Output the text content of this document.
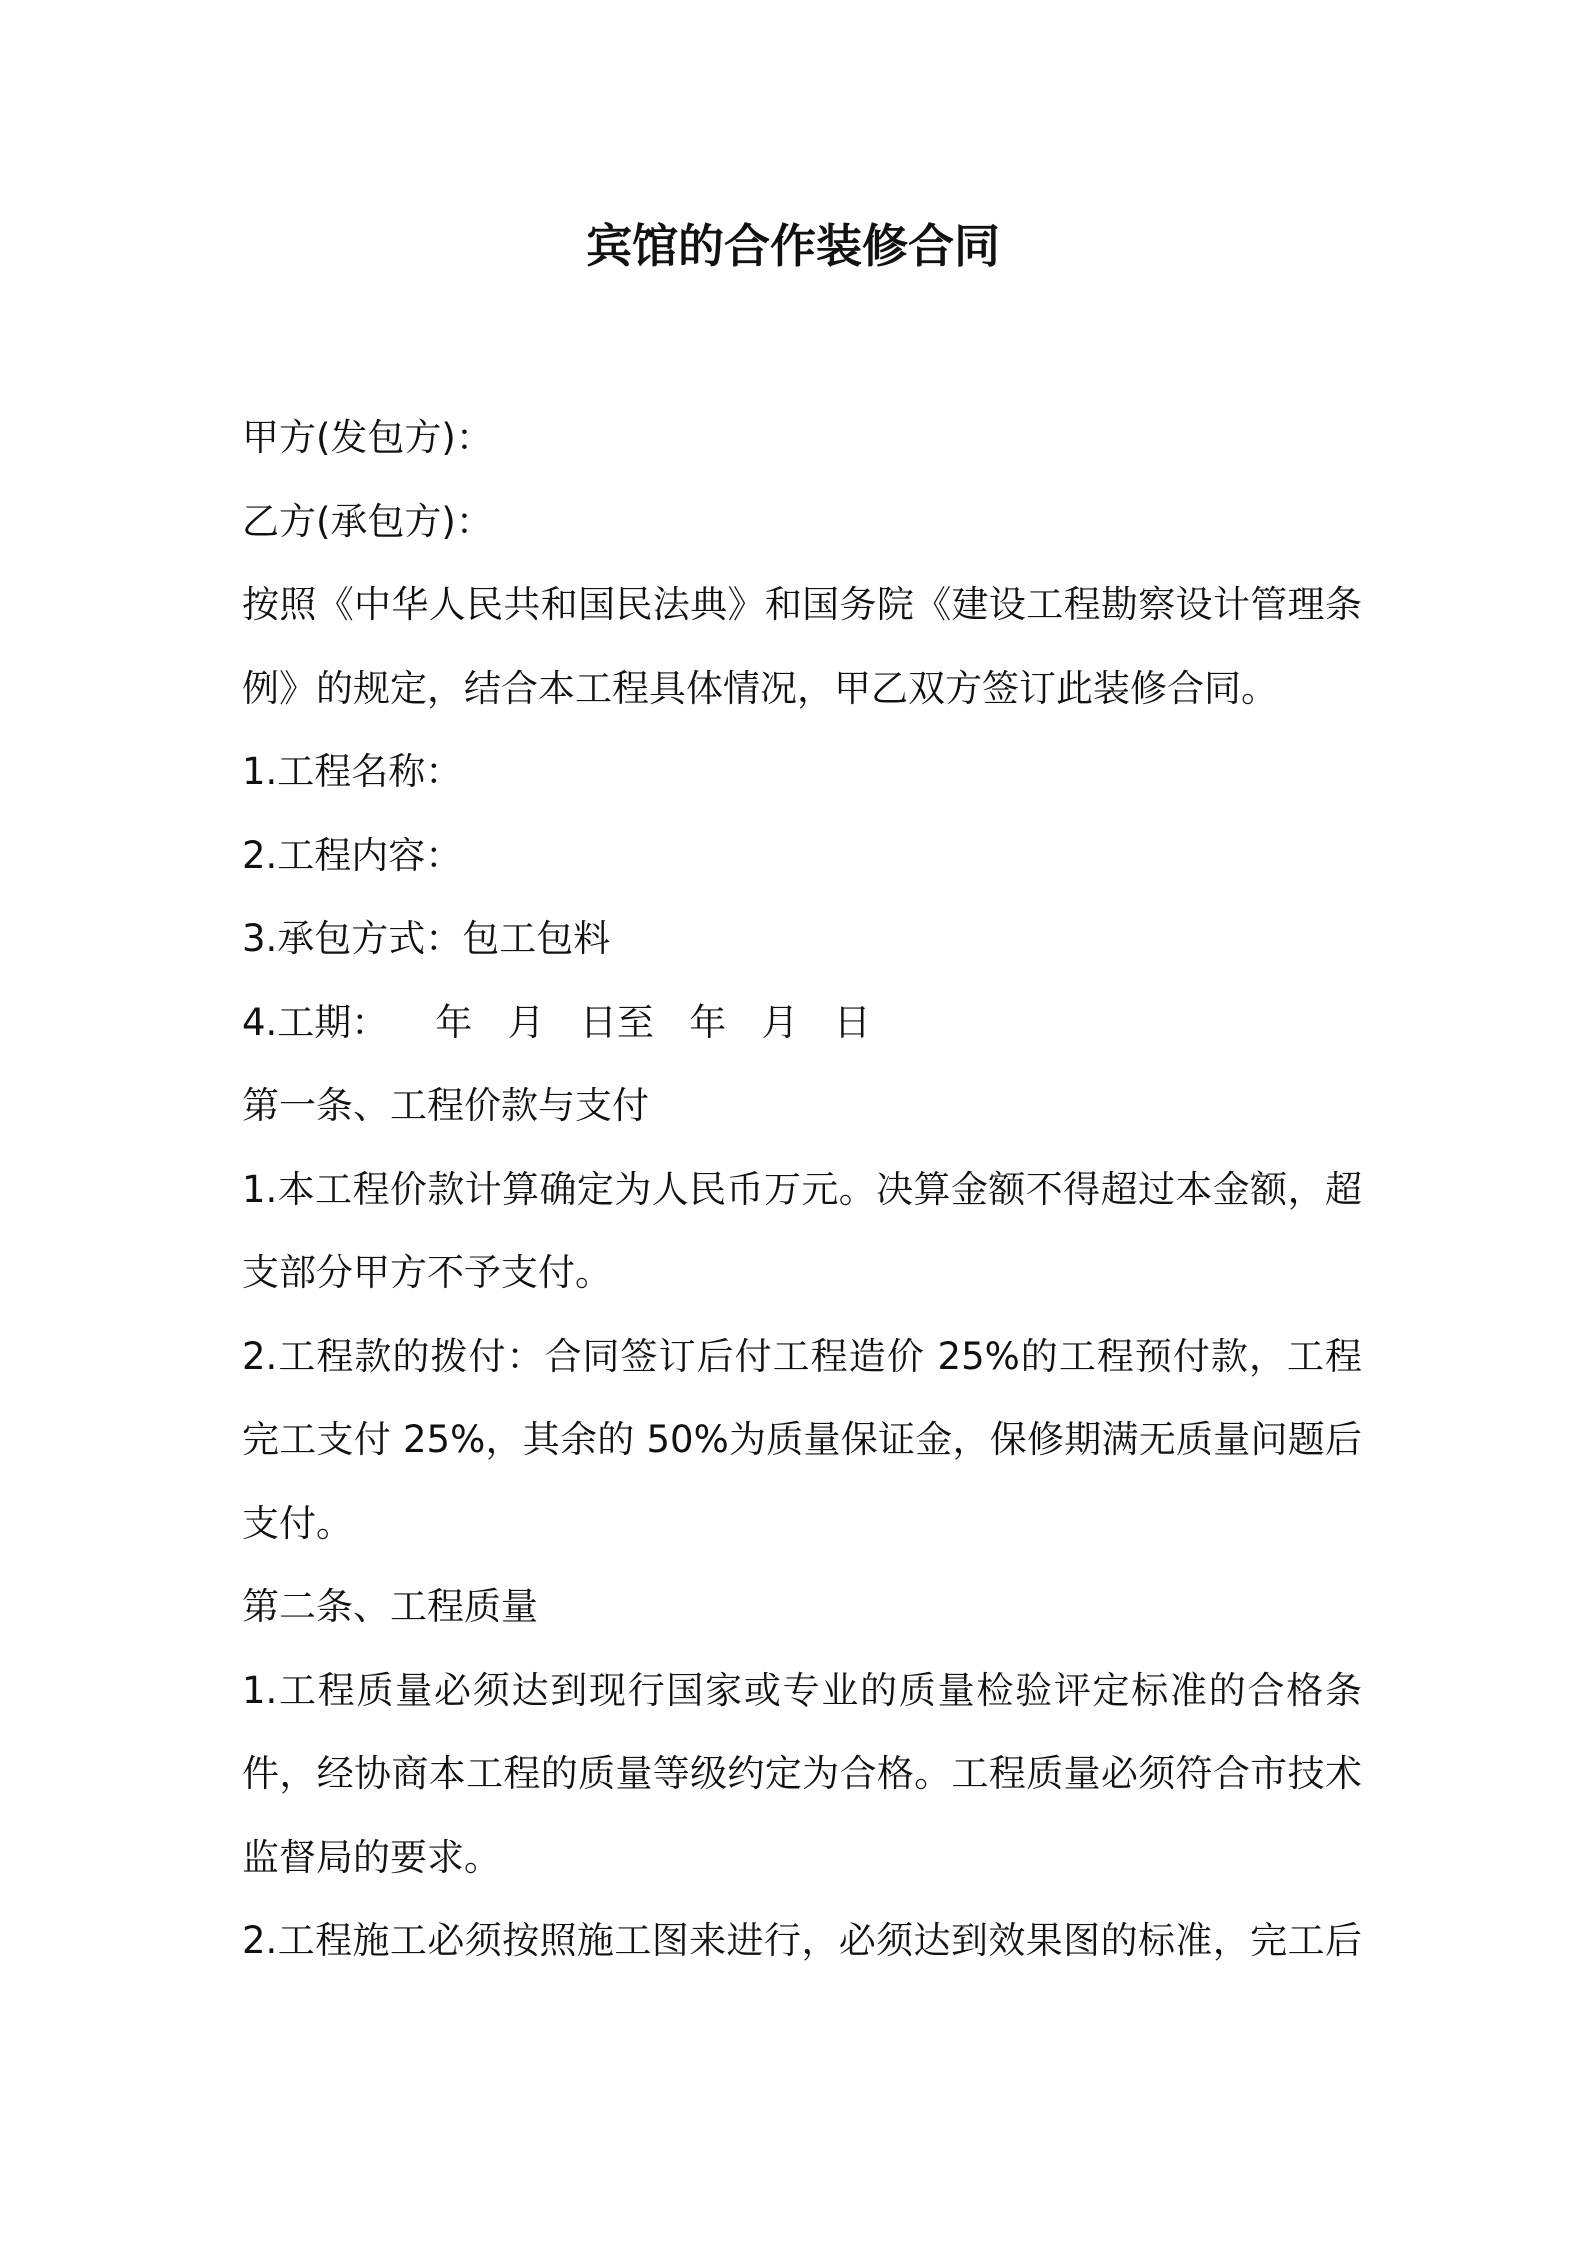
宾馆的合作装修合同
甲方(发包方)：
乙方(承包方)：
按照《中华人民共和国民法典》和国务院《建设工程勘察设计管理条
例》的规定，结合本工程具体情况，甲乙双方签订此装修合同。
1.工程名称：
2.工程内容：
3.承包方式：包工包料
4.工期：    年   月   日至   年   月   日
第一条、工程价款与支付
1.本工程价款计算确定为人民币万元。决算金额不得超过本金额，超
支部分甲方不予支付。
2.工程款的拨付：合同签订后付工程造价 25%的工程预付款，工程
完工支付 25%，其余的 50%为质量保证金，保修期满无质量问题后
支付。
第二条、工程质量
1.工程质量必须达到现行国家或专业的质量检验评定标准的合格条
件，经协商本工程的质量等级约定为合格。工程质量必须符合市技术
监督局的要求。
2.工程施工必须按照施工图来进行，必须达到效果图的标准，完工后
